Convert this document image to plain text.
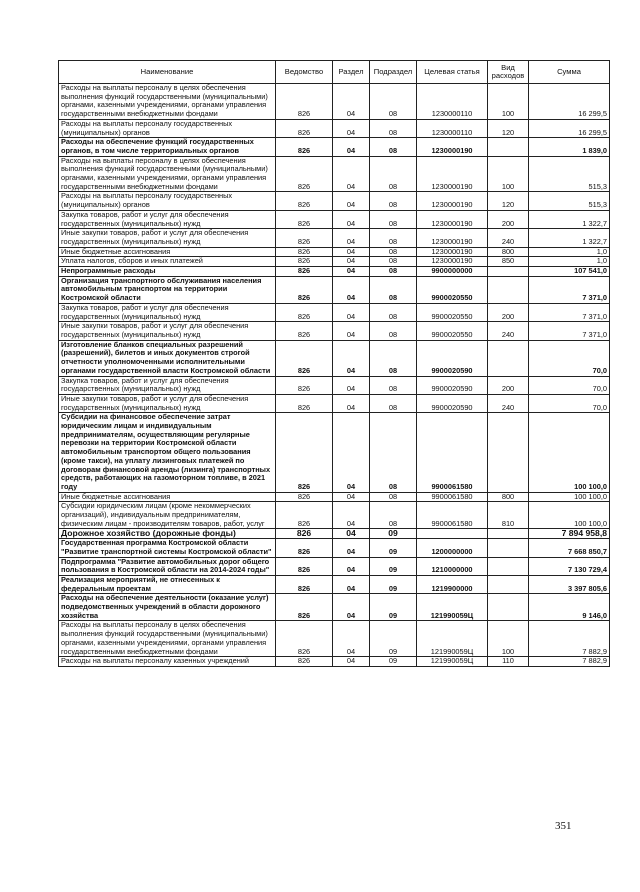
Наименование	Ведомство	Раздел	Подраздел	Целевая статья	Вид расходов	Сумма
Расходы на выплаты персоналу в целях обеспечения выполнения функций государственными (муниципальными) органами, казенными учреждениями, органами управления государственными внебюджетными фондами	826	04	08	1230000110	100	16 299,5
Расходы на выплаты персоналу государственных (муниципальных) органов	826	04	08	1230000110	120	16 299,5
Расходы на обеспечение функций государственных органов, в том числе территориальных органов	826	04	08	1230000190		1 839,0
Расходы на выплаты персоналу в целях обеспечения выполнения функций государственными (муниципальными) органами, казенными учреждениями, органами управления государственными внебюджетными фондами	826	04	08	1230000190	100	515,3
Расходы на выплаты персоналу государственных (муниципальных) органов	826	04	08	1230000190	120	515,3
Закупка товаров, работ и услуг для обеспечения государственных (муниципальных) нужд	826	04	08	1230000190	200	1 322,7
Иные закупки товаров, работ и услуг для обеспечения государственных (муниципальных) нужд	826	04	08	1230000190	240	1 322,7
Иные бюджетные ассигнования	826	04	08	1230000190	800	1,0
Уплата налогов, сборов и иных платежей	826	04	08	1230000190	850	1,0
Непрограммные расходы	826	04	08	9900000000		107 541,0
Организация транспортного обслуживания населения автомобильным транспортом на территории Костромской области	826	04	08	9900020550		7 371,0
Закупка товаров, работ и услуг для обеспечения государственных (муниципальных) нужд	826	04	08	9900020550	200	7 371,0
Иные закупки товаров, работ и услуг для обеспечения государственных (муниципальных) нужд	826	04	08	9900020550	240	7 371,0
Изготовление бланков специальных разрешений (разрешений), билетов и иных документов строгой отчетности уполномоченными исполнительными органами государственной власти Костромской области	826	04	08	9900020590		70,0
Закупка товаров, работ и услуг для обеспечения государственных (муниципальных) нужд	826	04	08	9900020590	200	70,0
Иные закупки товаров, работ и услуг для обеспечения государственных (муниципальных) нужд	826	04	08	9900020590	240	70,0
Субсидии на финансовое обеспечение затрат юридическим лицам и индивидуальным предпринимателям, осуществляющим регулярные перевозки на территории Костромской области автомобильным транспортом общего пользования (кроме такси), на уплату лизинговых платежей по договорам финансовой аренды (лизинга) транспортных средств, работающих на газомоторном топливе, в 2021 году	826	04	08	9900061580		100 100,0
Иные бюджетные ассигнования	826	04	08	9900061580	800	100 100,0
Субсидии юридическим лицам (кроме некоммерческих организаций), индивидуальным предпринимателям, физическим лицам - производителям товаров, работ, услуг	826	04	08	9900061580	810	100 100,0
Дорожное хозяйство (дорожные фонды)	826	04	09			7 894 958,8
Государственная программа Костромской области "Развитие транспортной системы Костромской области"	826	04	09	1200000000		7 668 850,7
Подпрограмма "Развитие автомобильных дорог общего пользования в Костромской области на 2014-2024 годы"	826	04	09	1210000000		7 130 729,4
Реализация мероприятий, не отнесенных к федеральным проектам	826	04	09	1219900000		3 397 805,6
Расходы на обеспечение деятельности (оказание услуг) подведомственных учреждений в области дорожного хозяйства	826	04	09	121990059Ц		9 146,0
Расходы на выплаты персоналу в целях обеспечения выполнения функций государственными (муниципальными) органами, казенными учреждениями, органами управления государственными внебюджетными фондами	826	04	09	121990059Ц	100	7 882,9
Расходы на выплаты персоналу казенных учреждений	826	04	09	121990059Ц	110	7 882,9
351
